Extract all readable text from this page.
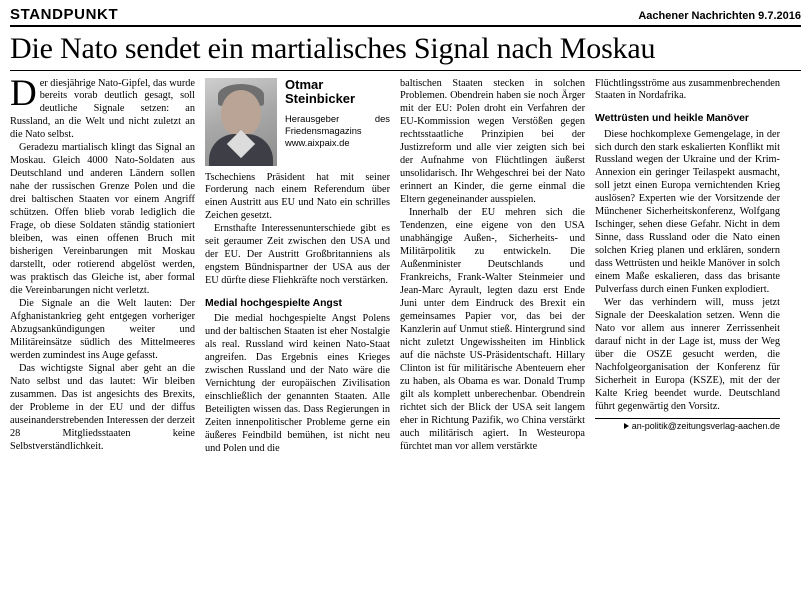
STANDPUNKT	Aachener Nachrichten 9.7.2016
Die Nato sendet ein martialisches Signal nach Moskau

Der diesjährige Nato-Gipfel, das wurde bereits vorab deutlich gesagt, soll deutliche Signale setzen: an Russland, an die Welt und nicht zuletzt an die Nato selbst.

Geradezu martialisch klingt das Signal an Moskau. Gleich 4000 Nato-Soldaten aus Deutschland und anderen Ländern sollen nahe der russischen Grenze Polen und die drei baltischen Staaten vor einem Angriff schützen. Offen blieb vorab lediglich die Frage, ob diese Soldaten ständig stationiert bleiben, was einen offenen Bruch mit bisherigen Vereinbarungen mit Moskau darstellt, oder rotierend abgelöst werden, was praktisch das Gleiche ist, aber formal die Vereinbarungen nicht verletzt.

Die Signale an die Welt lauten: Der Afghanistankrieg geht entgegen vorheriger Abzugsankündigungen weiter und Militäreinsätze südlich des Mittelmeeres werden zumindest ins Auge gefasst.

Das wichtigste Signal aber geht an die Nato selbst und das lautet: Wir bleiben zusammen. Das ist angesichts des Brexits, der Probleme in der EU und der diffus auseinanderstrebenden Interessen der derzeit 28 Mitgliedsstaaten keine Selbstverständlichkeit.

Otmar
Steinbicker
Herausgeber des Friedensmagazins
www.aixpaix.de

Tschechiens Präsident hat mit seiner Forderung nach einem Referendum über einen Austritt aus EU und Nato ein schrilles Zeichen gesetzt.

Ernsthafte Interessenunterschiede gibt es seit geraumer Zeit zwischen den USA und der EU. Der Austritt Großbritanniens als engstem Bündnispartner der USA aus der EU dürfte diese Fliehkräfte noch verstärken.

Medial hochgespielte Angst

Die medial hochgespielte Angst Polens und der baltischen Staaten ist eher Nostalgie als real. Russland wird keinen Nato-Staat angreifen. Das Ergebnis eines Krieges zwischen Russland und der Nato wäre die Vernichtung der europäischen Zivilisation einschließlich der genannten Staaten. Alle Beteiligten wissen das. Dass Regierungen in Zeiten innenpolitischer Probleme gerne ein äußeres Feindbild bemühen, ist nicht neu und Polen und die

baltischen Staaten stecken in solchen Problemen. Obendrein haben sie noch Ärger mit der EU: Polen droht ein Verfahren der EU-Kommission wegen Verstößen gegen rechtsstaatliche Prinzipien bei der Justizreform und alle vier zeigten sich bei der Aufnahme von Flüchtlingen äußerst unsolidarisch. Ihr Wehgeschrei bei der Nato erinnert an Kinder, die gerne einmal die Eltern gegeneinander ausspielen.

Innerhalb der EU mehren sich die Tendenzen, eine eigene von den USA unabhängige Außen-, Sicherheits- und Militärpolitik zu entwickeln. Die Außenminister Deutschlands und Frankreichs, Frank-Walter Steinmeier und Jean-Marc Ayrault, legten dazu erst Ende Juni unter dem Eindruck des Brexit ein gemeinsames Papier vor, das bei der Kanzlerin auf Unmut stieß. Hintergrund sind nicht zuletzt Ungewissheiten im Hinblick auf die nächste US-Präsidentschaft. Hillary Clinton ist für militärische Abenteuern eher zu haben, als Obama es war. Donald Trump gilt als komplett unberechenbar. Obendrein richtet sich der Blick der USA seit langem eher in Richtung Pazifik, wo China verstärkt auch militärisch agiert. In Westeuropa fürchtet man vor allem verstärkte

Flüchtlingsströme aus zusammenbrechenden Staaten in Nordafrika.

Wettrüsten und heikle Manöver

Diese hochkomplexe Gemengelage, in der sich durch den stark eskalierten Konflikt mit Russland wegen der Ukraine und der Krim-Annexion ein geringer Teilaspekt ausmacht, soll jetzt einen Europa vernichtenden Krieg auslösen? Experten wie der Vorsitzende der Münchener Sicherheitskonferenz, Wolfgang Ischinger, sehen diese Gefahr. Nicht in dem Sinne, dass Russland oder die Nato einen solchen Krieg planen und erklären, sondern dass Wettrüsten und heikle Manöver in solch einem Maße eskalieren, dass das brisante Pulverfass durch einen Funken explodiert.

Wer das verhindern will, muss jetzt Signale der Deeskalation setzen. Wenn die Nato vor allem aus innerer Zerrissenheit darauf nicht in der Lage ist, muss der Weg über die OSZE gesucht werden, die Nachfolgeorganisation der Konferenz für Sicherheit in Europa (KSZE), mit der der Kalte Krieg beendet wurde. Deutschland führt gegenwärtig den Vorsitz.

an-politik@zeitungsverlag-aachen.de
